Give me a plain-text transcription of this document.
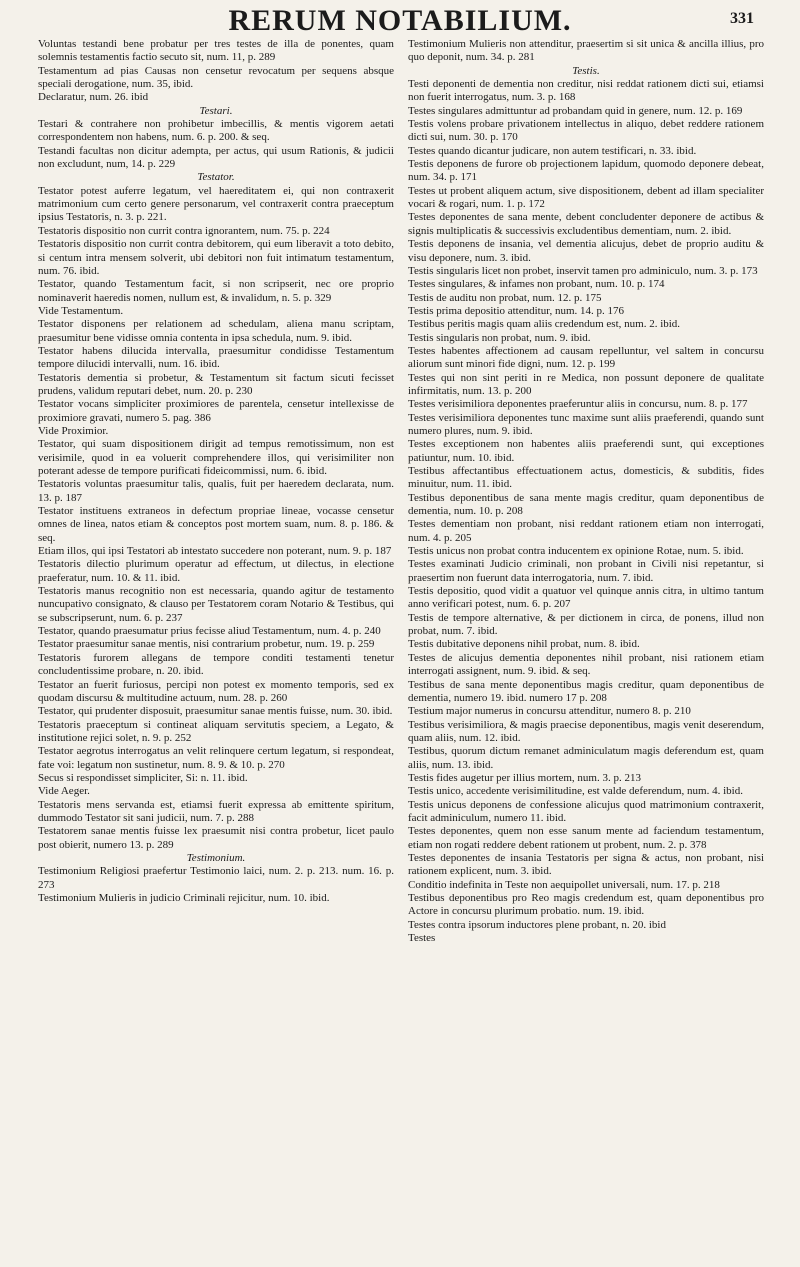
RERUM NOTABILIUM.	331

Voluntas testandi bene probatur per tres testes de illa de ponentes, quam solemnis testamentis factio secuto sit, num. 11, p. 289

Testamentum ad pias Causas non censetur revocatum per sequens absque speciali derogatione, num. 35, ibid.

Declaratur, num. 26. ibid

Testari.

Testari & contrahere non prohibetur imbecillis, & mentis vigorem aetati correspondentem non habens, num. 6. p. 200. & seq.

Testandi facultas non dicitur adempta, per actus, qui usum Rationis, & judicii non excludunt, num, 14. p. 229

Testator.

Testator potest auferre legatum, vel haereditatem ei, qui non contraxerit matrimonium cum certo genere personarum, vel contraxerit contra praeceptum ipsius Testatoris, n. 3. p. 221.

Testatoris dispositio non currit contra ignorantem, num. 75. p. 224

Testatoris dispositio non currit contra debitorem, qui eum liberavit a toto debito, si centum intra mensem solverit, ubi debitori non fuit intimatum testamentum, num. 76. ibid.

Testator, quando Testamentum facit, si non scripserit, nec ore proprio nominaverit haeredis nomen, nullum est, & invalidum, n. 5. p. 329

Vide Testamentum.

Testator disponens per relationem ad schedulam, aliena manu scriptam, praesumitur bene vidisse omnia contenta in ipsa schedula, num. 9. ibid.

Testator habens dilucida intervalla, praesumitur condidisse Testamentum tempore dilucidi intervalli, num. 16. ibid.

Testatoris dementia si probetur, & Testamentum sit factum sicuti fecisset prudens, validum reputari debet, num. 20. p. 230

Testator vocans simpliciter proximiores de parentela, censetur intellexisse de proximiore gravati, numero 5. pag. 386

Vide Proximior.

Testator, qui suam dispositionem dirigit ad tempus remotissimum, non est verisimile, quod in ea voluerit comprehendere illos, qui verisimiliter non poterant adesse de tempore purificati fideicommissi, num. 6. ibid.

Testatoris voluntas praesumitur talis, qualis, fuit per haeredem declarata, num. 13. p. 187

Testator instituens extraneos in defectum propriae lineae, vocasse censetur omnes de linea, natos etiam & conceptos post mortem suam, num. 8. p. 186. & seq.

Etiam illos, qui ipsi Testatori ab intestato succedere non poterant, num. 9. p. 187

Testatoris dilectio plurimum operatur ad effectum, ut dilectus, in electione praeferatur, num. 10. & 11. ibid.

Testatoris manus recognitio non est necessaria, quando agitur de testamento nuncupativo consignato, & clauso per Testatorem coram Notario & Testibus, qui se subscripserunt, num. 6. p. 237

Testator, quando praesumatur prius fecisse aliud Testamentum, num. 4. p. 240

Testator praesumitur sanae mentis, nisi contrarium probetur, num. 19. p. 259

Testatoris furorem allegans de tempore conditi testamenti tenetur concludentissime probare, n. 20. ibid.

Testator an fuerit furiosus, percipi non potest ex momento temporis, sed ex quodam discursu & multitudine actuum, num. 28. p. 260

Testator, qui prudenter disposuit, praesumitur sanae mentis fuisse, num. 30. ibid.

Testatoris praeceptum si contineat aliquam servitutis speciem, a Legato, & institutione rejici solet, n. 9. p. 252

Testator aegrotus interrogatus an velit relinquere certum legatum, si respondeat, fate voi: legatum non sustinetur, num. 8. 9. & 10. p. 270

Secus si respondisset simpliciter, Si: n. 11. ibid.

Vide Aeger.

Testatoris mens servanda est, etiamsi fuerit expressa ab emittente spiritum, dummodo Testator sit sani judicii, num. 7. p. 288

Testatorem sanae mentis fuisse lex praesumit nisi contra probetur, licet paulo post obierit, numero 13. p. 289

Testimonium.

Testimonium Religiosi praefertur Testimonio laici, num. 2. p. 213. num. 16. p. 273

Testimonium Mulieris in judicio Criminali rejicitur, num. 10. ibid.

Testimonium Mulieris non attenditur, praesertim si sit unica & ancilla illius, pro quo deponit, num. 34. p. 281

Testis.

Testi deponenti de dementia non creditur, nisi reddat rationem dicti sui, etiamsi non fuerit interrogatus, num. 3. p. 168

Testes singulares admittuntur ad probandam quid in genere, num. 12. p. 169

Testis volens probare privationem intellectus in aliquo, debet reddere rationem dicti sui, num. 30. p. 170

Testes quando dicantur judicare, non autem testificari, n. 33. ibid.

Testis deponens de furore ob projectionem lapidum, quomodo deponere debeat, num. 34. p. 171

Testes ut probent aliquem actum, sive dispositionem, debent ad illam specialiter vocari & rogari, num. 1. p. 172

Testes deponentes de sana mente, debent concludenter deponere de actibus & signis multiplicatis & successivis excludentibus dementiam, num. 2. ibid.

Testis deponens de insania, vel dementia alicujus, debet de proprio auditu & visu deponere, num. 3. ibid.

Testis singularis licet non probet, inservit tamen pro adminiculo, num. 3. p. 173

Testes singulares, & infames non probant, num. 10. p. 174

Testis de auditu non probat, num. 12. p. 175

Testis prima depositio attenditur, num. 14. p. 176

Testibus peritis magis quam aliis credendum est, num. 2. ibid.

Testis singularis non probat, num. 9. ibid.

Testes habentes affectionem ad causam repelluntur, vel saltem in concursu aliorum sunt minori fide digni, num. 12. p. 199

Testes qui non sint periti in re Medica, non possunt deponere de qualitate infirmitatis, num. 13. p. 200

Testes verisimiliora deponentes praeferuntur aliis in concursu, num. 8. p. 177

Testes verisimiliora deponentes tunc maxime sunt aliis praeferendi, quando sunt numero plures, num. 9. ibid.

Testes exceptionem non habentes aliis praeferendi sunt, qui exceptiones patiuntur, num. 10. ibid.

Testibus affectantibus effectuationem actus, domesticis, & subditis, fides minuitur, num. 11. ibid.

Testibus deponentibus de sana mente magis creditur, quam deponentibus de dementia, num. 10. p. 208

Testes dementiam non probant, nisi reddant rationem etiam non interrogati, num. 4. p. 205

Testis unicus non probat contra inducentem ex opinione Rotae, num. 5. ibid.

Testes examinati Judicio criminali, non probant in Civili nisi repetantur, si praesertim non fuerunt data interrogatoria, num. 7. ibid.

Testis depositio, quod vidit a quatuor vel quinque annis citra, in ultimo tantum anno verificari potest, num. 6. p. 207

Testis de tempore alternative, & per dictionem in circa, de ponens, illud non probat, num. 7. ibid.

Testis dubitative deponens nihil probat, num. 8. ibid.

Testes de alicujus dementia deponentes nihil probant, nisi rationem etiam interrogati assignent, num. 9. ibid. & seq.

Testibus de sana mente deponentibus magis creditur, quam deponentibus de dementia, numero 19. ibid. numero 17 p. 208

Testium major numerus in concursu attenditur, numero 8. p. 210

Testibus verisimiliora, & magis praecise deponentibus, magis venit deserendum, quam aliis, num. 12. ibid.

Testibus, quorum dictum remanet adminiculatum magis deferendum est, quam aliis, num. 13. ibid.

Testis fides augetur per illius mortem, num. 3. p. 213

Testis unico, accedente verisimilitudine, est valde deferendum, num. 4. ibid.

Testis unicus deponens de confessione alicujus quod matrimonium contraxerit, facit adminiculum, numero 11. ibid.

Testes deponentes, quem non esse sanum mente ad faciendum testamentum, etiam non rogati reddere debent rationem ut probent, num. 2. p. 378

Testes deponentes de insania Testatoris per signa & actus, non probant, nisi rationem explicent, num. 3. ibid.

Conditio indefinita in Teste non aequipollet universali, num. 17. p. 218

Testibus deponentibus pro Reo magis credendum est, quam deponentibus pro Actore in concursu plurimum probatio. num. 19. ibid.

Testes contra ipsorum inductores plene probant, n. 20. ibid

Testes
